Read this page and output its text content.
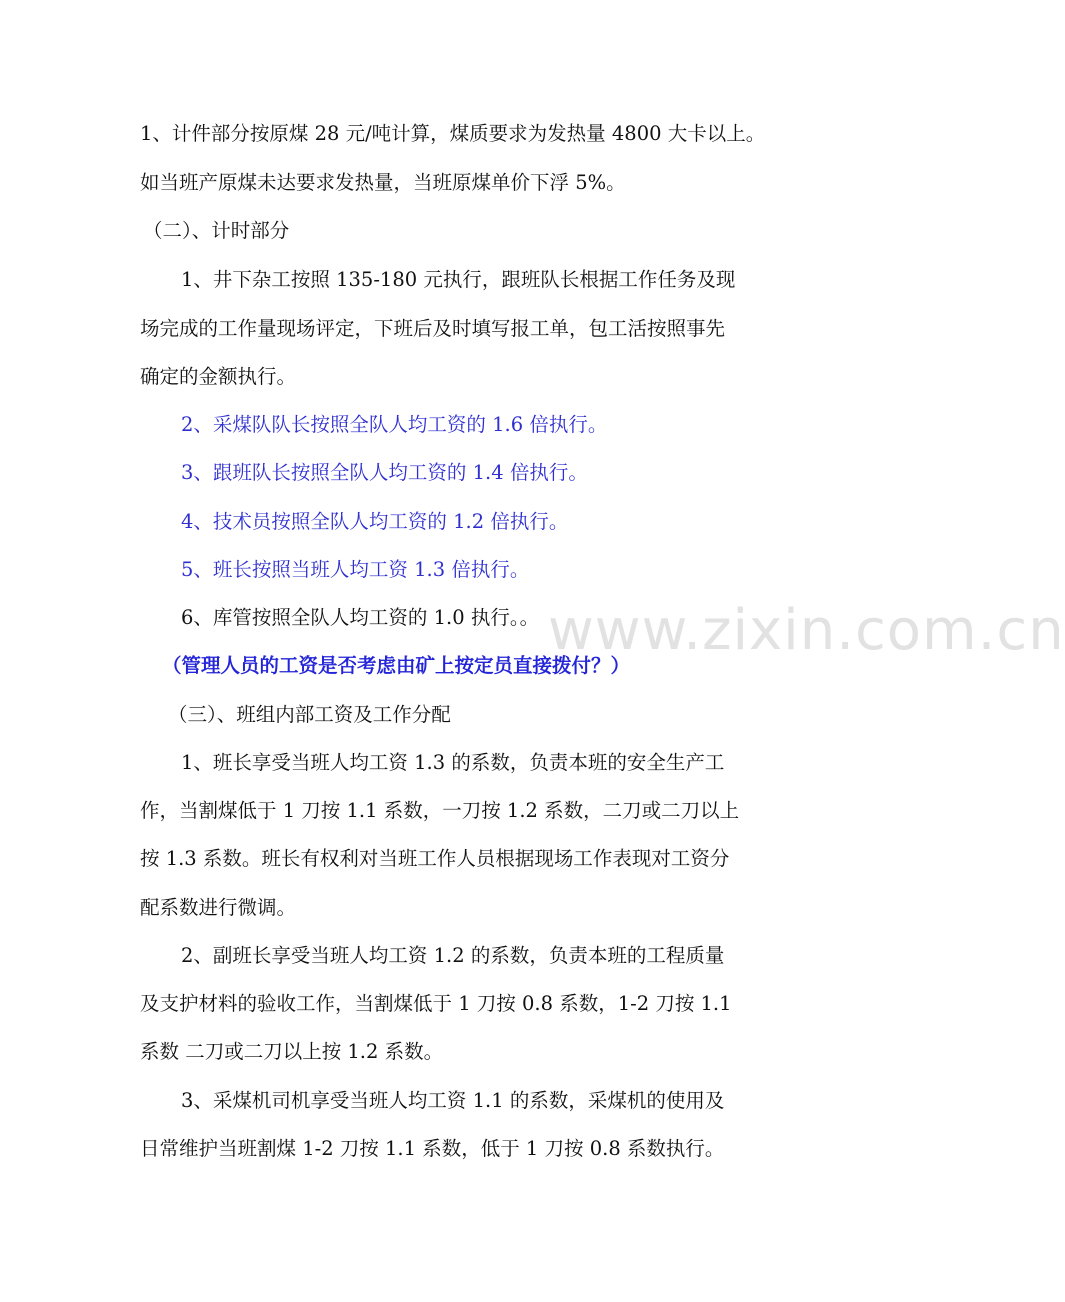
www.zixin.com.cn
1、计件部分按原煤 28 元/吨计算，煤质要求为发热量 4800 大卡以上。
如当班产原煤未达要求发热量，当班原煤单价下浮 5%。
（二）、计时部分
1、井下杂工按照 135-180 元执行，跟班队长根据工作任务及现
场完成的工作量现场评定，下班后及时填写报工单，包工活按照事先
确定的金额执行。
2、采煤队队长按照全队人均工资的 1.6 倍执行。
3、跟班队长按照全队人均工资的 1.4 倍执行。
4、技术员按照全队人均工资的 1.2 倍执行。
5、班长按照当班人均工资 1.3 倍执行。
6、库管按照全队人均工资的 1.0 执行。。
（管理人员的工资是否考虑由矿上按定员直接拨付？）
（三）、班组内部工资及工作分配
1、班长享受当班人均工资 1.3 的系数，负责本班的安全生产工
作，当割煤低于 1 刀按 1.1 系数，一刀按 1.2 系数，二刀或二刀以上
按 1.3 系数。班长有权利对当班工作人员根据现场工作表现对工资分
配系数进行微调。
2、副班长享受当班人均工资 1.2 的系数，负责本班的工程质量
及支护材料的验收工作，当割煤低于 1 刀按 0.8 系数，1-2 刀按 1.1
系数 二刀或二刀以上按 1.2 系数。
3、采煤机司机享受当班人均工资 1.1 的系数，采煤机的使用及
日常维护当班割煤 1-2 刀按 1.1 系数，低于 1 刀按 0.8 系数执行。
